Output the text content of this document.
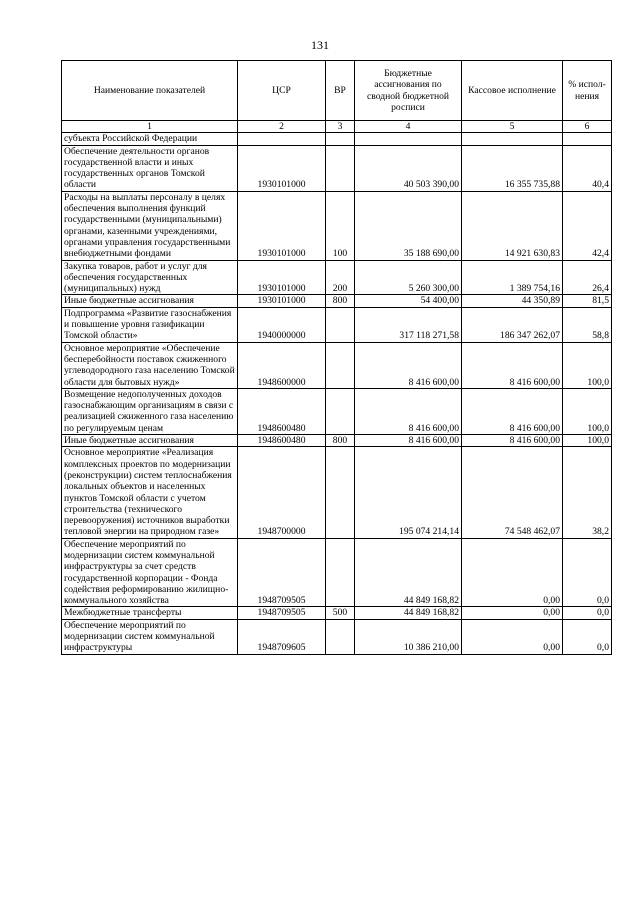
131
Наименование показателей	ЦСР	ВР	Бюджетные ассигнования по сводной бюджетной росписи	Кассовое исполнение	% испол-нения
1	2	3	4	5	6
субъекта Российской Федерации					
Обеспечение деятельности органов государственной власти и иных государственных органов Томской области	1930101000		40 503 390,00	16 355 735,88	40,4
Расходы на выплаты персоналу в целях обеспечения выполнения функций государственными (муниципальными) органами, казенными учреждениями, органами управления государственными внебюджетными фондами	1930101000	100	35 188 690,00	14 921 630,83	42,4
Закупка товаров, работ и услуг для обеспечения государственных (муниципальных) нужд	1930101000	200	5 260 300,00	1 389 754,16	26,4
Иные бюджетные ассигнования	1930101000	800	54 400,00	44 350,89	81,5
Подпрограмма «Развитие газоснабжения и повышение уровня газификации Томской области»	1940000000		317 118 271,58	186 347 262,07	58,8
Основное мероприятие «Обеспечение бесперебойности поставок сжиженного углеводородного газа населению Томской области для бытовых нужд»	1948600000		8 416 600,00	8 416 600,00	100,0
Возмещение недополученных доходов газоснабжающим организациям в связи с реализацией сжиженного газа населению по регулируемым ценам	1948600480		8 416 600,00	8 416 600,00	100,0
Иные бюджетные ассигнования	1948600480	800	8 416 600,00	8 416 600,00	100,0
Основное мероприятие «Реализация комплексных проектов по модернизации (реконструкции) систем теплоснабжения локальных объектов и населенных пунктов Томской области с учетом строительства (технического перевооружения) источников выработки тепловой энергии на природном газе»	1948700000		195 074 214,14	74 548 462,07	38,2
Обеспечение мероприятий по модернизации систем коммунальной инфраструктуры за счет средств государственной корпорации - Фонда содействия реформированию жилищно-коммунального хозяйства	1948709505		44 849 168,82	0,00	0,0
Межбюджетные трансферты	1948709505	500	44 849 168,82	0,00	0,0
Обеспечение мероприятий по модернизации систем коммунальной инфраструктуры	1948709605		10 386 210,00	0,00	0,0
